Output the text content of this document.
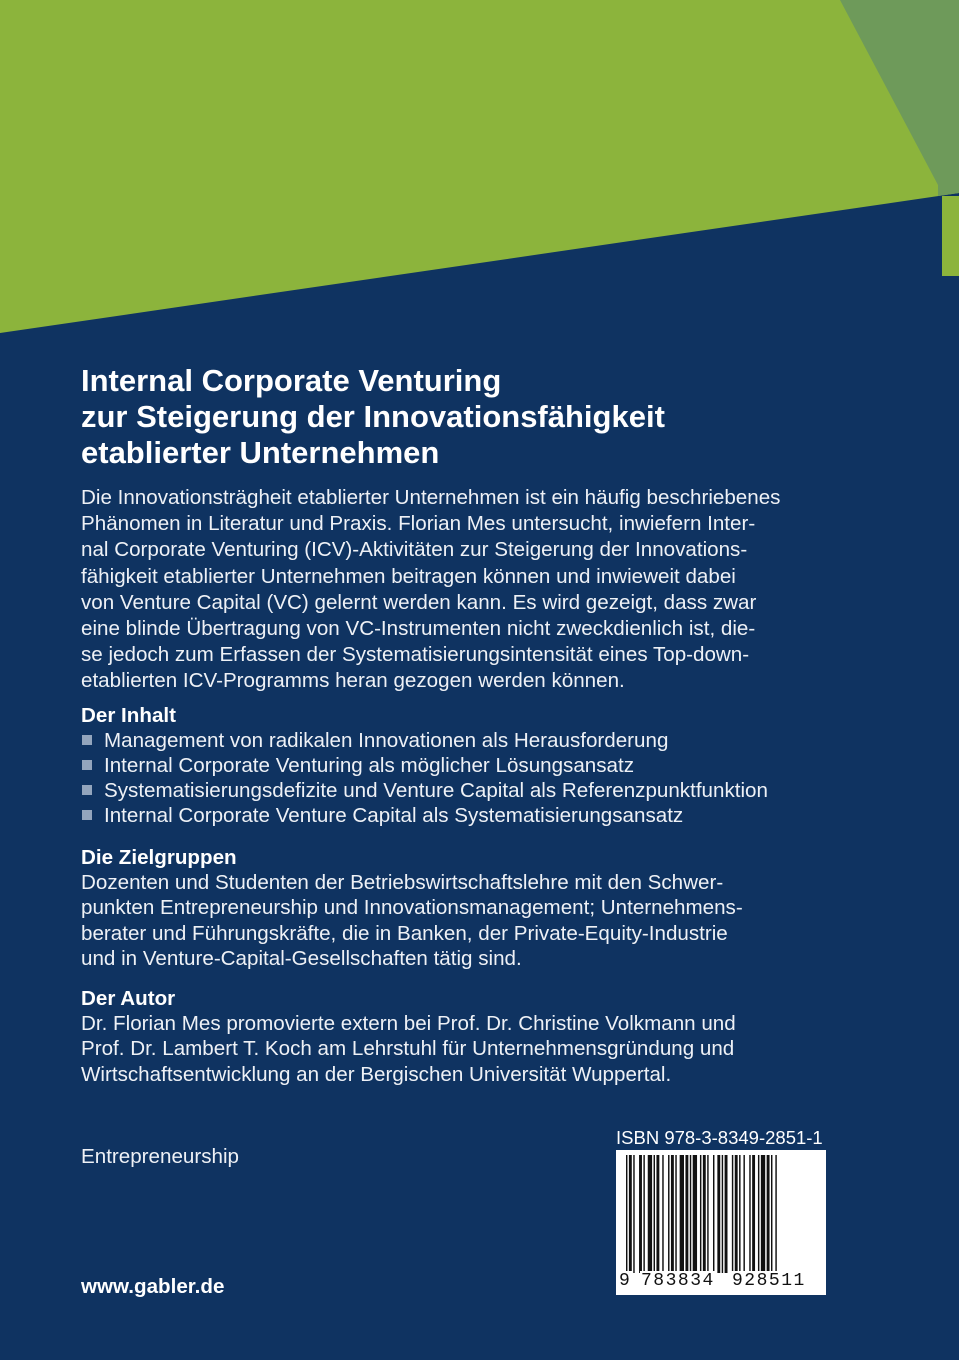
Internal Corporate Venturing
zur Steigerung der Innovationsfähigkeit
etablierter Unternehmen
Die Innovationsträgheit etablierter Unternehmen ist ein häufig beschriebenes
Phänomen in Literatur und Praxis. Florian Mes untersucht, inwiefern Inter-
nal Corporate Venturing (ICV)-Aktivitäten zur Steigerung der Innovations-
fähigkeit etablierter Unternehmen beitragen können und inwieweit dabei
von Venture Capital (VC) gelernt werden kann. Es wird gezeigt, dass zwar
eine blinde Übertragung von VC-Instrumenten nicht zweckdienlich ist, die-
se jedoch zum Erfassen der Systematisierungsintensität eines Top-down-
etablierten ICV-Programms heran gezogen werden können.
Der Inhalt
Management von radikalen Innovationen als Herausforderung
Internal Corporate Venturing als möglicher Lösungsansatz
Systematisierungsdefizite und Venture Capital als Referenzpunktfunktion
Internal Corporate Venture Capital als Systematisierungsansatz
Die Zielgruppen
Dozenten und Studenten der Betriebswirtschaftslehre mit den Schwer-
punkten Entrepreneurship und Innovationsmanagement; Unternehmens-
berater und Führungskräfte, die in Banken, der Private-Equity-Industrie
und in Venture-Capital-Gesellschaften tätig sind.
Der Autor
Dr. Florian Mes promovierte extern bei Prof. Dr. Christine Volkmann und
Prof. Dr. Lambert T. Koch am Lehrstuhl für Unternehmensgründung und
Wirtschaftsentwicklung an der Bergischen Universität Wuppertal.
Entrepreneurship
www.gabler.de
ISBN 978-3-8349-2851-1
9 783834 928511
